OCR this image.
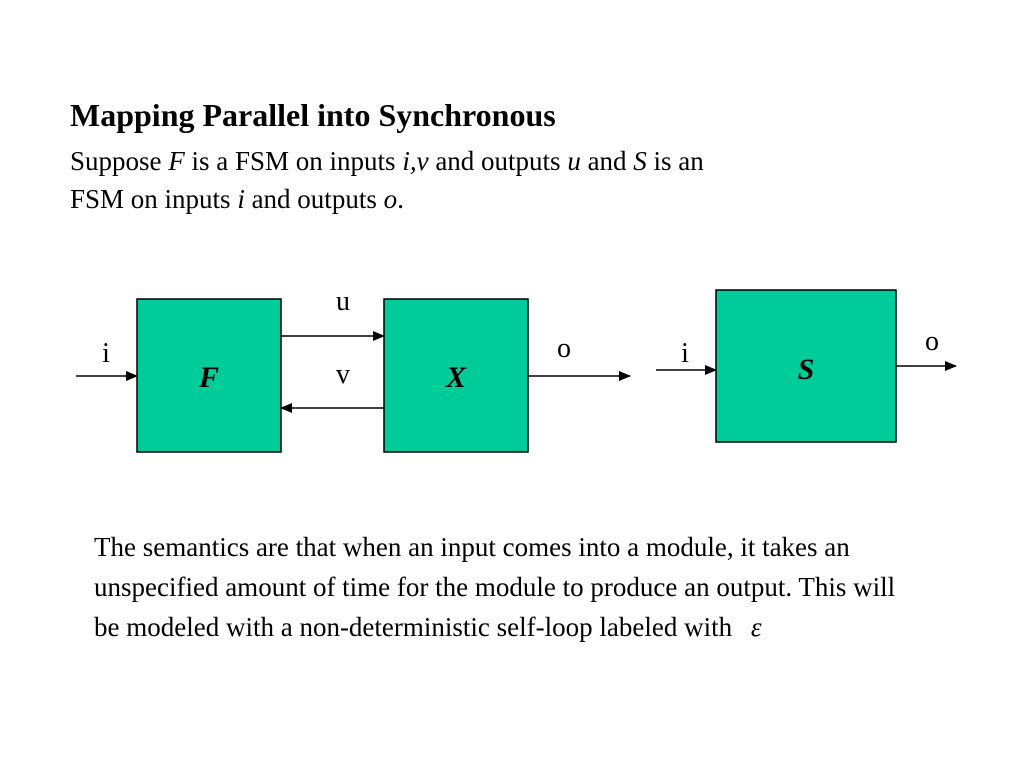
Mapping Parallel into Synchronous
Suppose F is a FSM on inputs i,v and outputs u and S is an
FSM on inputs i and outputs o.
F	X
i
u
v
o
S
i	o
The semantics are that when an input comes into a module, it takes an unspecified amount of time for the module to produce an output. This will be modeled with a non-deterministic self-loop labeled with ε
